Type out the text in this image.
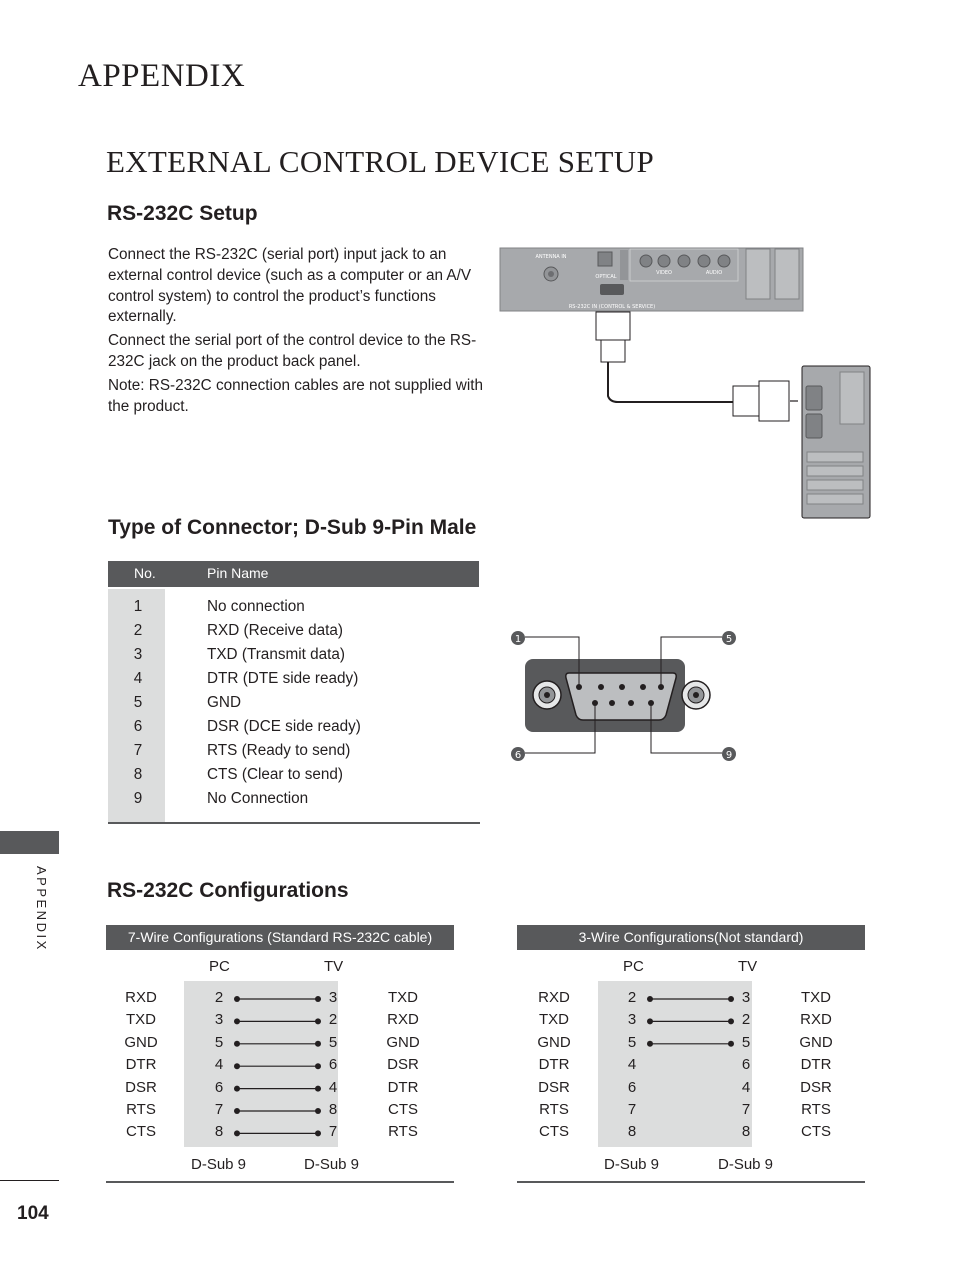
APPENDIX
EXTERNAL CONTROL DEVICE SETUP
RS-232C Setup
Connect the RS-232C (serial port) input jack to an external control device (such as a computer or an A/V control system) to control the product’s functions externally.
Connect the serial port of the control device to the RS-232C jack on the product back panel.
Note: RS-232C connection cables are not supplied with the product.
ANTENNA IN
OPTICAL
VIDEO	AUDIO
RS-232C IN (CONTROL & SERVICE)
Type of Connector; D-Sub 9-Pin Male
No.	Pin Name
1	No connection
2	RXD (Receive data)
3	TXD (Transmit data)
4	DTR (DTE side ready)
5	GND
6	DSR (DCE side ready)
7	RTS (Ready to send)
8	CTS (Clear to send)
9	No Connection
1	5
6	9
RS-232C Configurations
7-Wire Configurations (Standard RS-232C cable)
PC	TV
RXD	2	3	TXD
TXD	3	2	RXD
GND	5	5	GND
DTR	4	6	DSR
DSR	6	4	DTR
RTS	7	8	CTS
CTS	8	7	RTS
D-Sub 9	D-Sub 9
3-Wire Configurations(Not standard)
PC	TV
RXD	2	3	TXD
TXD	3	2	RXD
GND	5	5	GND
DTR	4	6	DTR
DSR	6	4	DSR
RTS	7	7	RTS
CTS	8	8	CTS
D-Sub 9	D-Sub 9
APPENDIX
104
